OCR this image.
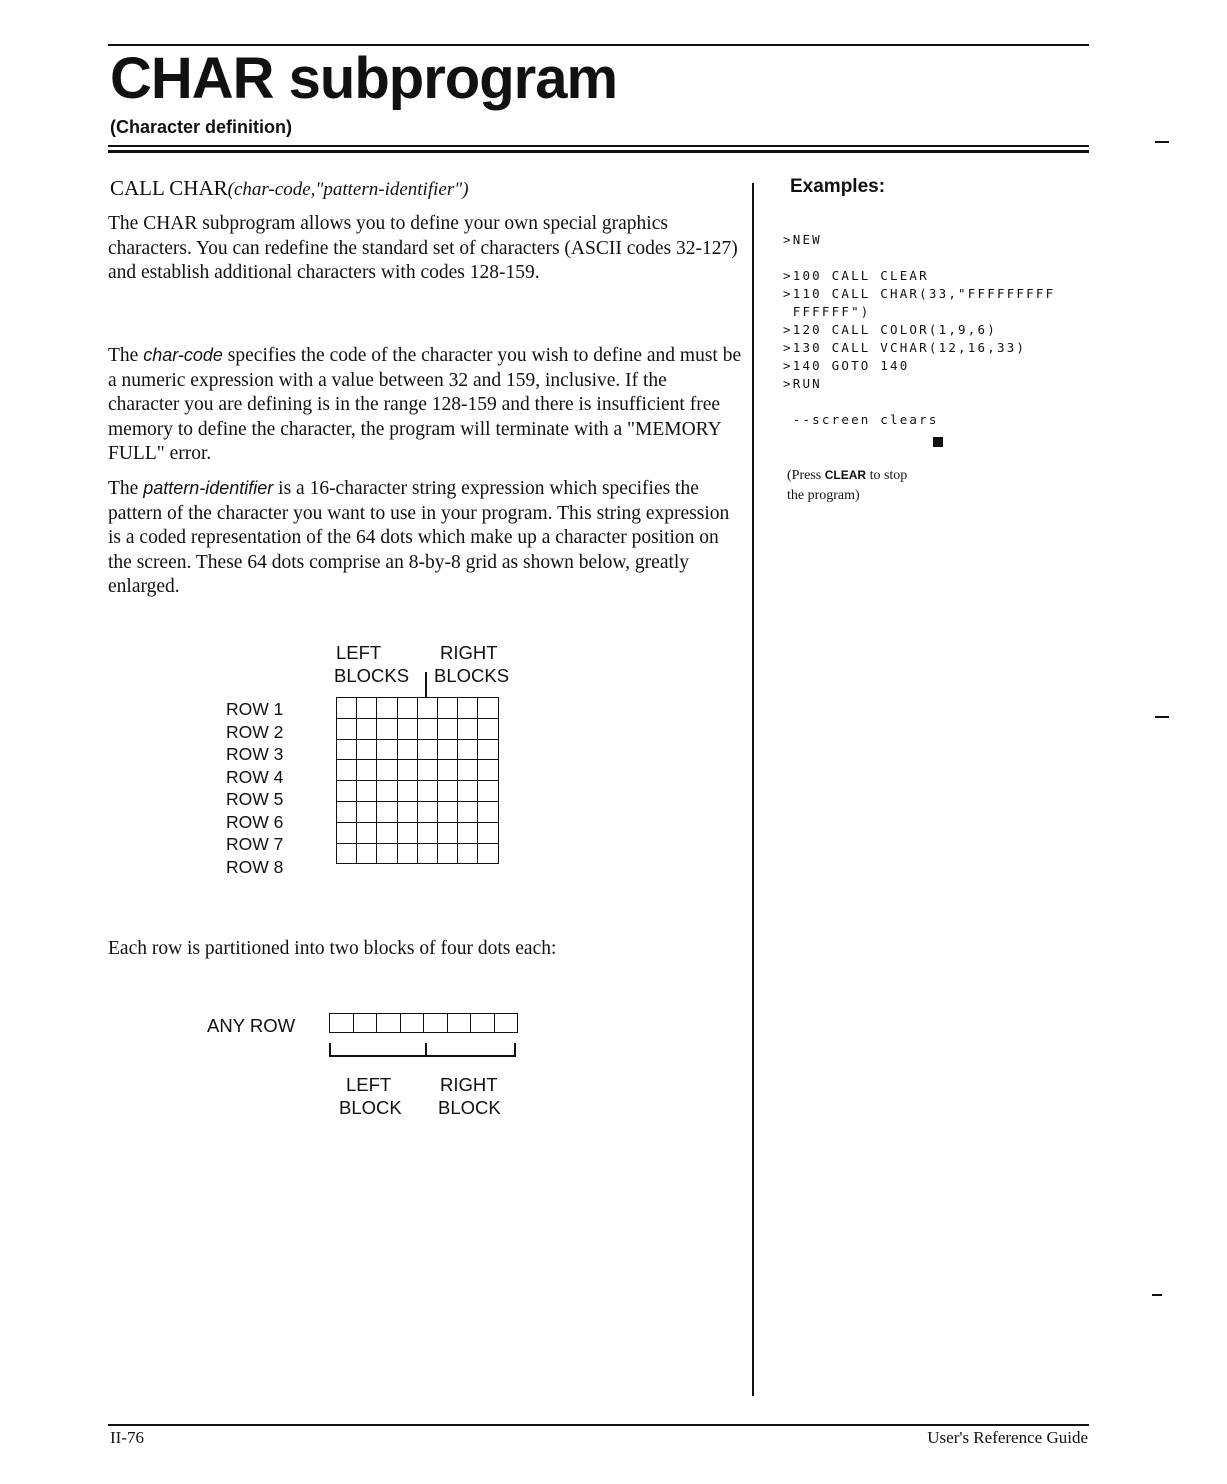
CHAR subprogram
(Character definition)
CALL CHAR(char-code,"pattern-identifier")
The CHAR subprogram allows you to define your own special graphics characters. You can redefine the standard set of characters (ASCII codes 32-127) and establish additional characters with codes 128-159.
The char-code specifies the code of the character you wish to define and must be a numeric expression with a value between 32 and 159, inclusive. If the character you are defining is in the range 128-159 and there is insufficient free memory to define the character, the program will terminate with a "MEMORY FULL" error.
The pattern-identifier is a 16-character string expression which specifies the pattern of the character you want to use in your program. This string expression is a coded representation of the 64 dots which make up a character position on the screen. These 64 dots comprise an 8-by-8 grid as shown below, greatly enlarged.
LEFT
BLOCKS
RIGHT
BLOCKS
ROW 1
ROW 2
ROW 3
ROW 4
ROW 5
ROW 6
ROW 7
ROW 8

Each row is partitioned into two blocks of four dots each:
ANY ROW

LEFT
BLOCK
RIGHT
BLOCK
Examples:
>NEW

>100 CALL CLEAR
>110 CALL CHAR(33,"FFFFFFFFF
FFFFFF")
>120 CALL COLOR(1,9,6)
>130 CALL VCHAR(12,16,33)
>140 GOTO 140
>RUN

--screen clears
(Press CLEAR to stop
the program)
II-76	User's Reference Guide
